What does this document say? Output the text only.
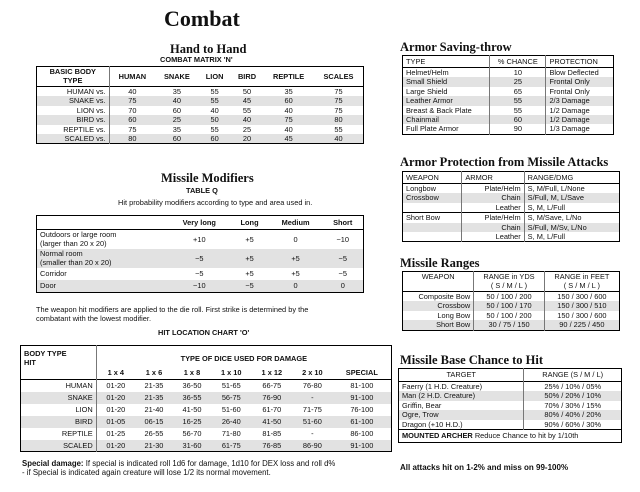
Combat
Hand to Hand
COMBAT MATRIX 'N'
BASIC BODY
TYPE	HUMAN	SNAKE	LION	BIRD	REPTILE	SCALES
HUMAN vs.	40	35	55	50	35	75
SNAKE vs.	75	40	55	45	60	75
LION vs.	70	60	40	55	40	75
BIRD vs.	60	25	50	40	75	80
REPTILE vs.	75	35	55	25	40	55
SCALED vs.	80	60	60	20	45	40
Missile Modifiers
TABLE Q
Hit probability modifiers according to type and area used in.
	Very long	Long	Medium	Short

Outdoors or large room
(larger than 20 x 20)	+10	+5	0	−10

Normal room
(smaller than 20 x 20)	−5	+5	+5	−5

Corridor	−5	+5	+5	−5

Door	−10	−5	0	0

The weapon hit modifiers are applied to the die roll. First strike is determined by the

combatant with the lowest modifier.

HIT LOCATION CHART 'O'
BODY TYPE
HIT	TYPE OF DICE USED FOR DAMAGE						
	1 x 4	1 x 6	1 x 8	1 x 10	1 x 12	2 x 10	SPECIAL
HUMAN	01-20	21-35	36-50	51-65	66-75	76-80	81-100
SNAKE	01-20	21-35	36-55	56-75	76-90	-	91-100
LION	01-20	21-40	41-50	51-60	61-70	71-75	76-100
BIRD	01-05	06-15	16-25	26-40	41-50	51-60	61-100
REPTILE	01-25	26-55	56-70	71-80	81-85	-	86-100
SCALED	01-20	21-30	31-60	61-75	76-85	86-90	91-100

Special damage: If special is indicated roll 1d6 for damage, 1d10 for DEX loss and roll d%

- if Special is indicated again creature will lose 1/2 its normal movement.

Armor Saving-throw
TYPE	% CHANCE	PROTECTION
Helmet/Helm	10	Blow Deflected
Small Shield	25	Frontal Only
Large Shield	65	Frontal Only
Leather Armor	55	2/3 Damage
Breast & Back Plate	55	1/2 Damage
Chainmail	60	1/2 Damage
Full Plate Armor	90	1/3 Damage
Armor Protection from Missile Attacks
WEAPON	ARMOR	RANGE/DMG
Longbow	Plate/Helm	S, M/Full, L/None
Crossbow	Chain	S/Full, M, L/Save
	Leather	S, M, L/Full
Short Bow	Plate/Helm	S, M/Save, L/No
	Chain	S/Full, M/Sv, L/No
	Leather	S, M, L/Full
Missile Ranges
WEAPON	RANGE in YDS	RANGE in FEET
	( S / M / L )	( S / M / L )
Composite Bow	50 / 100 / 200	150 / 300 / 600
Crossbow	50 / 100 / 170	150 / 300 / 510
Long Bow	50 / 100 / 200	150 / 300 / 600
Short Bow	30 / 75 / 150	90 / 225 / 450
Missile Base Chance to Hit
TARGET	RANGE (S / M / L)
Faerry (1 H.D. Creature)	25% / 10% / 05%
Man (2 H.D. Creature)	50% / 20% / 10%
Griffin, Bear	70% / 30% / 15%
Ogre, Trow	80% / 40% / 20%
Dragon (+10 H.D.)	90% / 60% / 30%
MOUNTED ARCHER Reduce Chance to hit by 1/10th	
All attacks hit on 1-2% and miss on 99-100%
